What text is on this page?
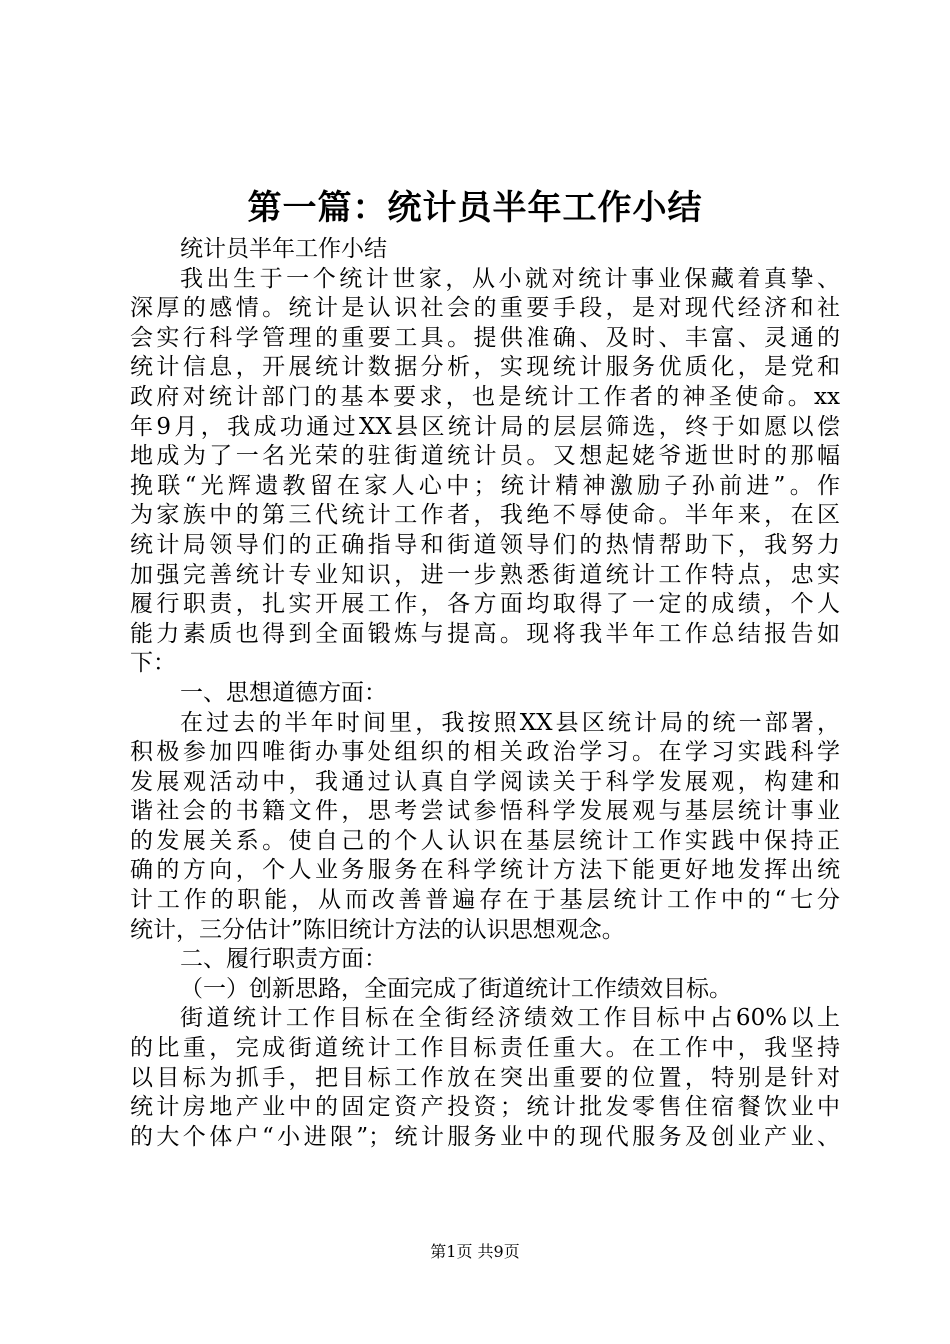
第一篇：统计员半年工作小结
统计员半年工作小结
我出生于一个统计世家，从小就对统计事业保藏着真挚、
深厚的感情。统计是认识社会的重要手段，是对现代经济和社
会实行科学管理的重要工具。提供准确、及时、丰富、灵通的
统计信息，开展统计数据分析，实现统计服务优质化，是党和
政府对统计部门的基本要求，也是统计工作者的神圣使命。xx
年9月，我成功通过XX县区统计局的层层筛选，终于如愿以偿
地成为了一名光荣的驻街道统计员。又想起姥爷逝世时的那幅
挽联“光辉遗教留在家人心中；统计精神激励子孙前进”。作
为家族中的第三代统计工作者，我绝不辱使命。半年来，在区
统计局领导们的正确指导和街道领导们的热情帮助下，我努力
加强完善统计专业知识，进一步熟悉街道统计工作特点，忠实
履行职责，扎实开展工作，各方面均取得了一定的成绩，个人
能力素质也得到全面锻炼与提高。现将我半年工作总结报告如
下：
一、思想道德方面：
在过去的半年时间里，我按照XX县区统计局的统一部署，
积极参加四唯街办事处组织的相关政治学习。在学习实践科学
发展观活动中，我通过认真自学阅读关于科学发展观，构建和
谐社会的书籍文件，思考尝试参悟科学发展观与基层统计事业
的发展关系。使自己的个人认识在基层统计工作实践中保持正
确的方向，个人业务服务在科学统计方法下能更好地发挥出统
计工作的职能，从而改善普遍存在于基层统计工作中的“七分
统计，三分估计”陈旧统计方法的认识思想观念。
二、履行职责方面：
（一）创新思路，全面完成了街道统计工作绩效目标。
街道统计工作目标在全街经济绩效工作目标中占60%以上
的比重，完成街道统计工作目标责任重大。在工作中，我坚持
以目标为抓手，把目标工作放在突出重要的位置，特别是针对
统计房地产业中的固定资产投资；统计批发零售住宿餐饮业中
的大个体户“小进限”；统计服务业中的现代服务及创业产业、
第1页 共9页
